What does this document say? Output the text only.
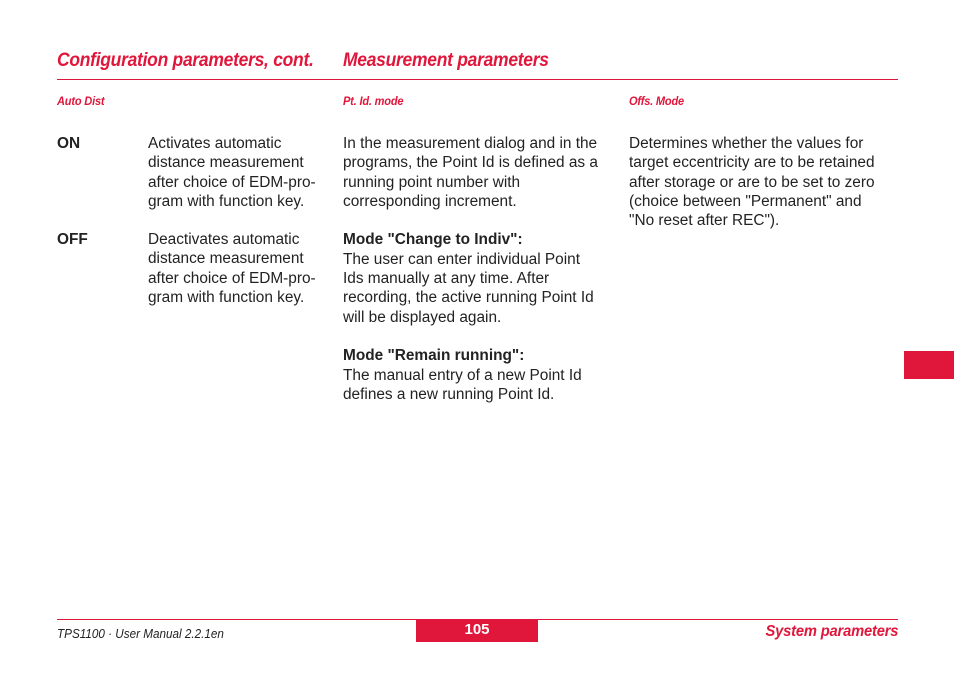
Configuration parameters, cont. Measurement parameters
Auto Dist	Pt. Id. mode	Offs. Mode
ON	Activates automatic
distance measurement
after choice of EDM-pro-
gram with function key.
OFF	Deactivates automatic
distance measurement
after choice of EDM-pro-
gram with function key.
In the measurement dialog and in the
programs, the Point Id is defined as a
running point number with
corresponding increment.
Mode "Change to Indiv":
The user can enter individual Point
Ids manually at any time. After
recording, the active running Point Id
will be displayed again.
Mode "Remain running":
The manual entry of a new Point Id
defines a new running Point Id.
Determines whether the values for
target eccentricity are to be retained
after storage or are to be set to zero
(choice between "Permanent" and
"No reset after REC").
105
TPS1100 · User Manual 2.2.1en	System parameters
